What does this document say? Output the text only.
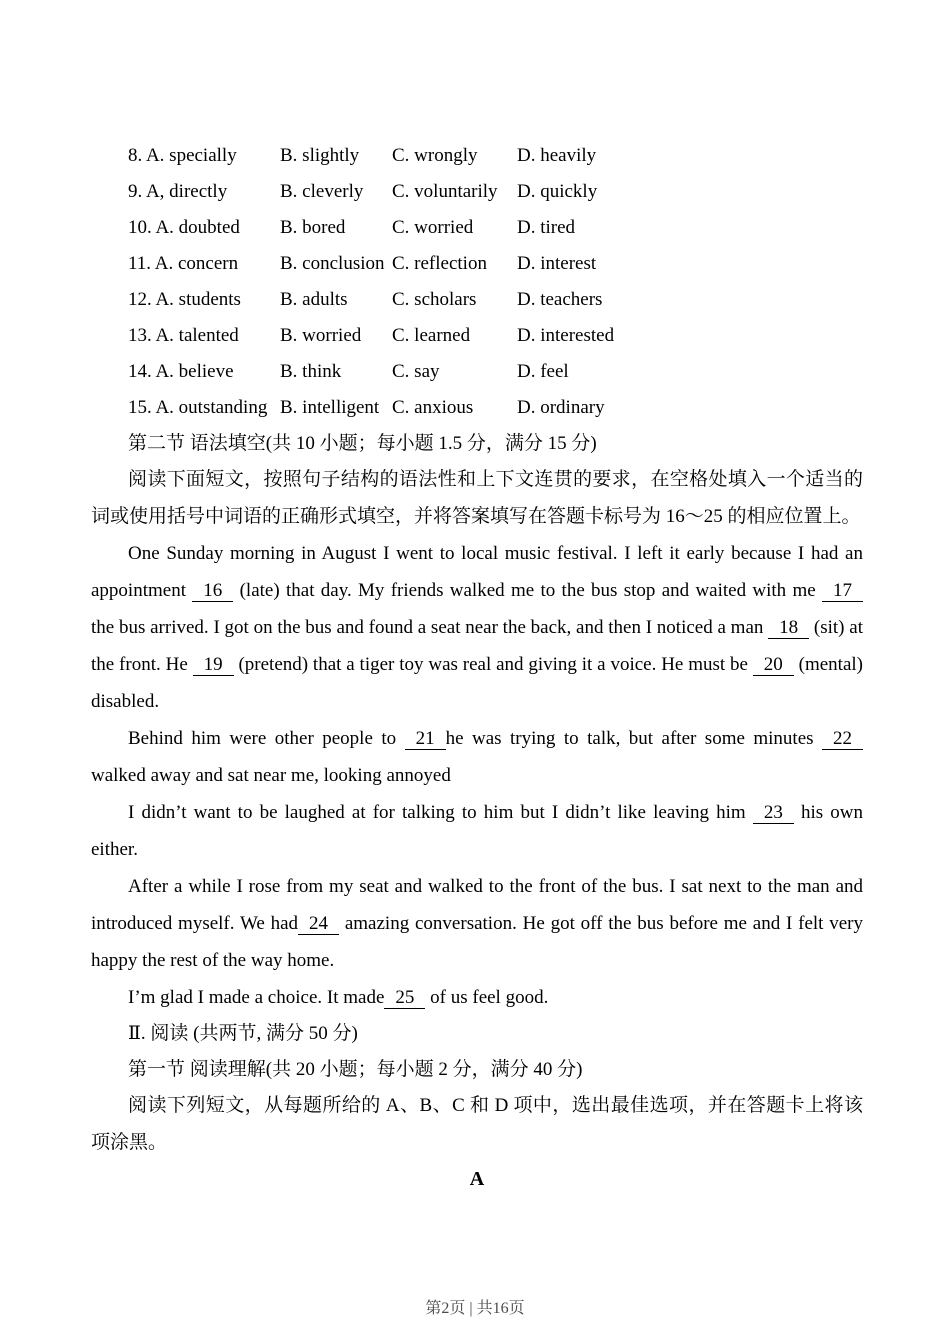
8. A. specially B. slightly C. wrongly D. heavily
9. A, directly	B. cleverly C. voluntarily D. quickly
10. A. doubted B. bored C. worried D. tired
11. A. concern B. conclusion C. reflection D. interest
12. A. students B. adults C. scholars D. teachers
13. A. talented B. worried C. learned D. interested
14. A. believe B. think	C. say	D. feel
15. A. outstanding B. intelligent C. anxious D. ordinary

第二节 语法填空(共 10 小题；每小题 1.5 分，满分 15 分)

阅读下面短文，按照句子结构的语法性和上下文连贯的要求，在空格处填入一个适当的词或使用括号中词语的正确形式填空，并将答案填写在答题卡标号为 16～25 的相应位置上。

One Sunday morning in August I went to local music festival. I left it early because I had an appointment 16 (late) that day. My friends walked me to the bus stop and waited with me 17 the bus arrived. I got on the bus and found a seat near the back, and then I noticed a man 18 (sit) at the front. He 19 (pretend) that a tiger toy was real and giving it a voice. He must be 20 (mental) disabled.

Behind him were other people to 21 he was trying to talk, but after some minutes 22 walked away and sat near me, looking annoyed

I didn’t want to be laughed at for talking to him but I didn’t like leaving him 23 his own either.

After a while I rose from my seat and walked to the front of the bus. I sat next to the man and introduced myself. We had 24 amazing conversation. He got off the bus before me and I felt very happy the rest of the way home.

I’m glad I made a choice. It made 25 of us feel good.

Ⅱ. 阅读 (共两节, 满分 50 分)

第一节 阅读理解(共 20 小题；每小题 2 分，满分 40 分)

阅读下列短文，从每题所给的 A、B、C 和 D 项中，选出最佳选项，并在答题卡上将该项涂黑。

A

第2页 | 共16页
